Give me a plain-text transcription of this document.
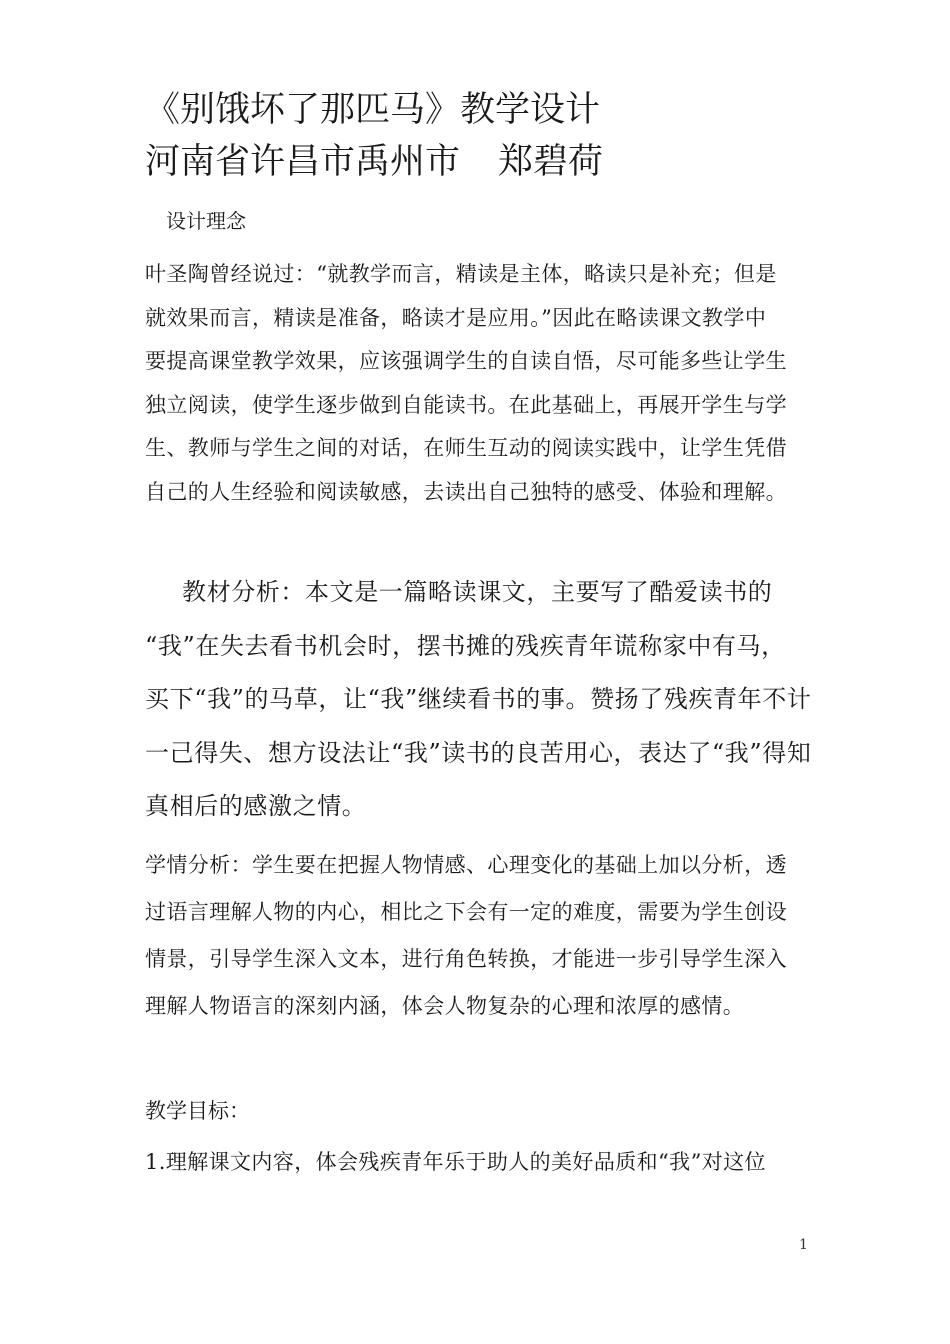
《别饿坏了那匹马》教学设计
河南省许昌市禹州市 郑碧荷
设计理念

叶圣陶曾经说过：“就教学而言，精读是主体，略读只是补充；但是
就效果而言，精读是准备，略读才是应用。”因此在略读课文教学中
要提高课堂教学效果，应该强调学生的自读自悟，尽可能多些让学生
独立阅读，使学生逐步做到自能读书。在此基础上，再展开学生与学
生、教师与学生之间的对话，在师生互动的阅读实践中，让学生凭借
自己的人生经验和阅读敏感，去读出自己独特的感受、体验和理解。

教材分析：本文是一篇略读课文，主要写了酷爱读书的
“我”在失去看书机会时，摆书摊的残疾青年谎称家中有马，
买下“我”的马草，让“我”继续看书的事。赞扬了残疾青年不计
一己得失、想方设法让“我”读书的良苦用心，表达了“我”得知
真相后的感激之情。

学情分析：学生要在把握人物情感、心理变化的基础上加以分析，透
过语言理解人物的内心，相比之下会有一定的难度，需要为学生创设
情景，引导学生深入文本，进行角色转换，才能进一步引导学生深入
理解人物语言的深刻内涵，体会人物复杂的心理和浓厚的感情。

教学目标：

1.理解课文内容，体会残疾青年乐于助人的美好品质和“我”对这位

1
